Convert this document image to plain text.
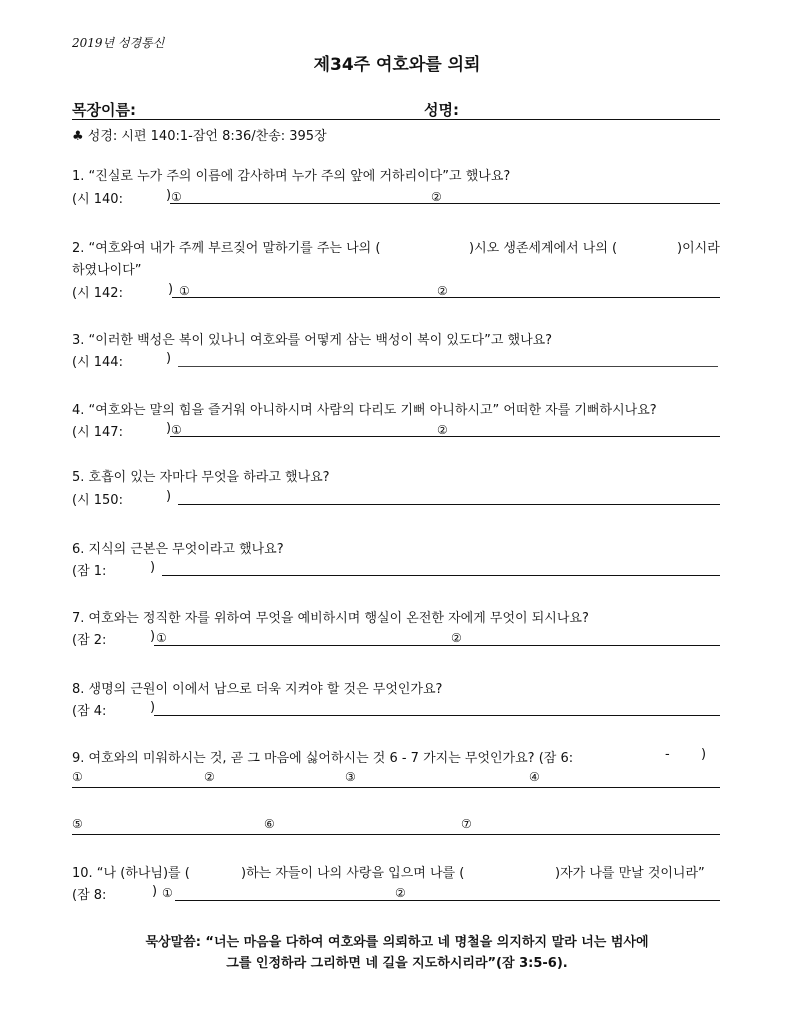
2019년 성경통신
제34주 여호와를 의뢰
목장이름:	성명:
♣ 성경: 시편 140:1-잠언 8:36/찬송: 395장
1. “진실로 누가 주의 이름에 감사하며 누가 주의 앞에 거하리이다”고 했나요?
(시 140:	) ①	②
2. “여호와여 내가 주께 부르짖어 말하기를 주는 나의 (	)시오 생존세계에서 나의 (	)이시라
하였나이다”
(시 142:	) ①	②
3. “이러한 백성은 복이 있나니 여호와를 어떻게 삼는 백성이 복이 있도다”고 했나요?
(시 144:	)
4. “여호와는 말의 힘을 즐거워 아니하시며 사람의 다리도 기뻐 아니하시고” 어떠한 자를 기뻐하시나요?
(시 147:	) ①	②
5. 호흡이 있는 자마다 무엇을 하라고 했나요?
(시 150:	)
6. 지식의 근본은 무엇이라고 했나요?
(잠 1:	)
7. 여호와는 정직한 자를 위하여 무엇을 예비하시며 행실이 온전한 자에게 무엇이 되시나요?
(잠 2:	) ①	②
8. 생명의 근원이 이에서 남으로 더욱 지켜야 할 것은 무엇인가요?
(잠 4:	)
9. 여호와의 미워하시는 것, 곧 그 마음에 싫어하시는 것 6 - 7 가지는 무엇인가요? (잠 6:	- )
①	②	③	④
⑤	⑥	⑦
10. “나 (하나님)를 (	)하는 자들이 나의 사랑을 입으며 나를 (	)자가 나를 만날 것이니라”
(잠 8:	) ①	②
묵상말씀: “너는 마음을 다하여 여호와를 의뢰하고 네 명철을 의지하지 말라 너는 범사에
그를 인정하라 그리하면 네 길을 지도하시리라”(잠 3:5-6).
